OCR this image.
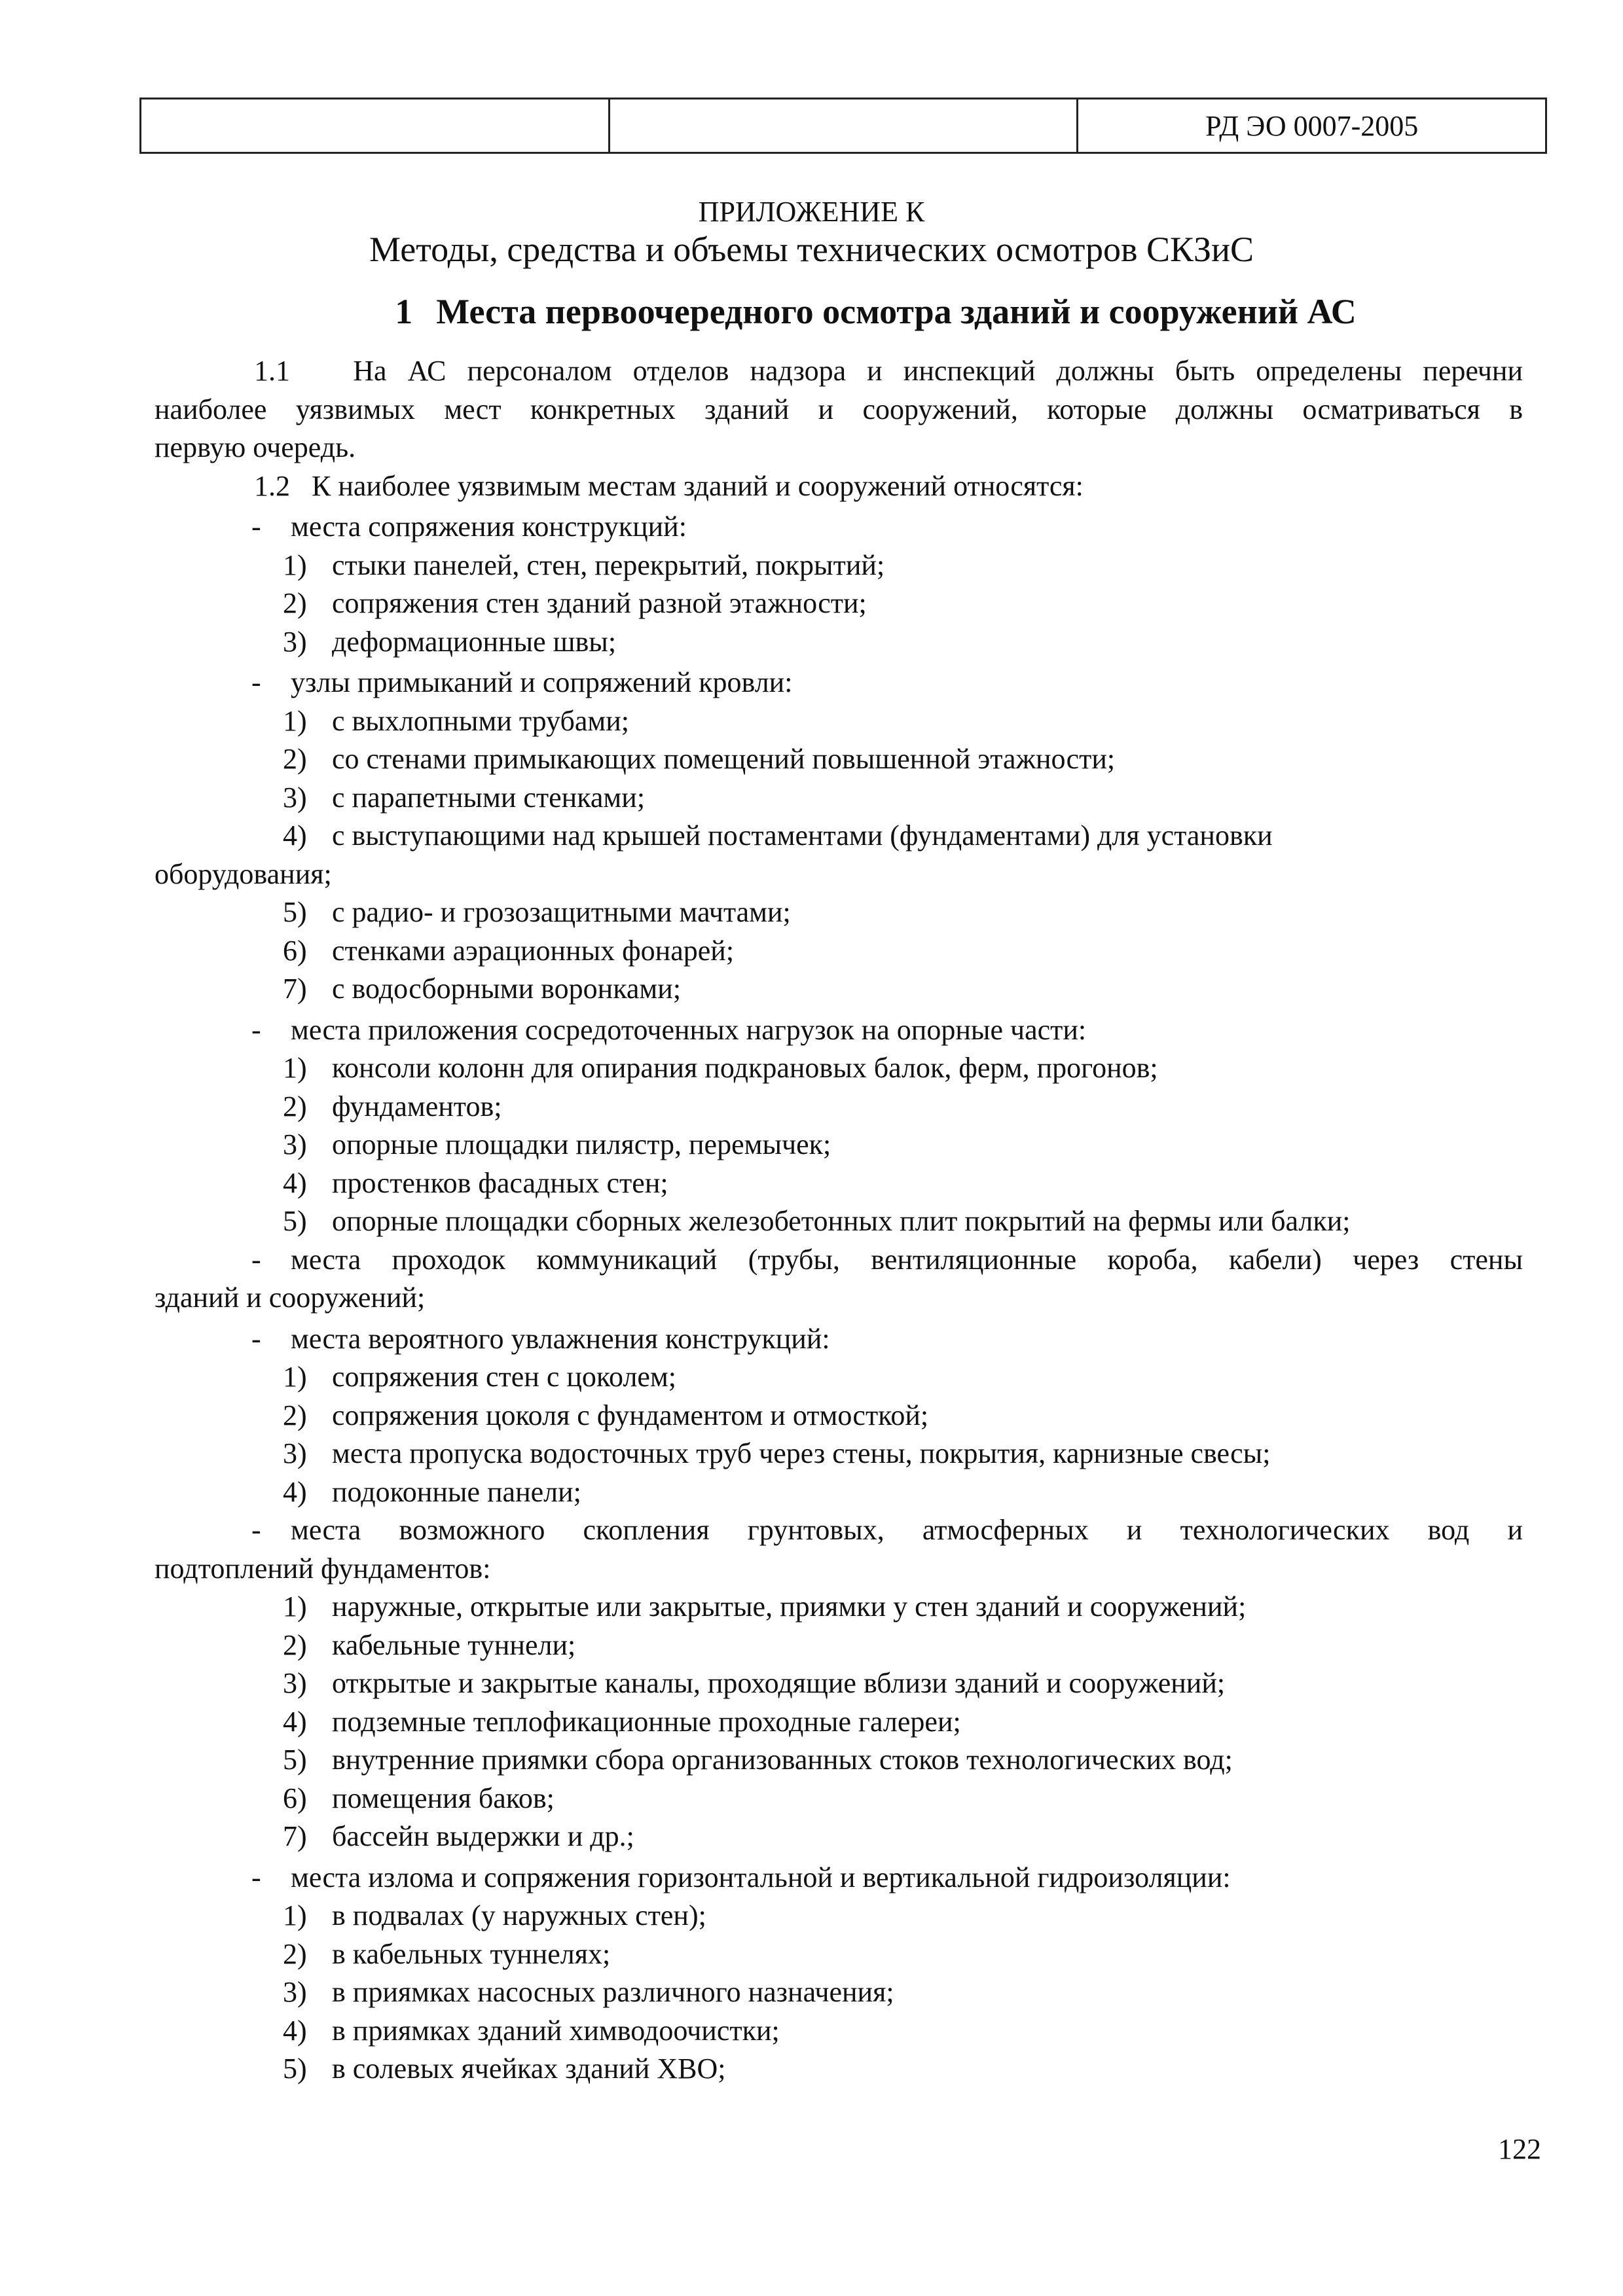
РД ЭО 0007-2005
ПРИЛОЖЕНИЕ К
Методы, средства и объемы технических осмотров СКЗиС
1 Места первоочередного осмотра зданий и сооружений АС
1.1 На АС персоналом отделов надзора и инспекций должны быть определены перечни
наиболее уязвимых мест конкретных зданий и сооружений, которые должны осматриваться в
первую очередь.
1.2 К наиболее уязвимым местам зданий и сооружений относятся:
- места сопряжения конструкций:
1) стыки панелей, стен, перекрытий, покрытий;
2) сопряжения стен зданий разной этажности;
3) деформационные швы;
- узлы примыканий и сопряжений кровли:
1) с выхлопными трубами;
2) со стенами примыкающих помещений повышенной этажности;
3) с парапетными стенками;
4) с выступающими над крышей постаментами (фундаментами) для установки
оборудования;
5) с радио- и грозозащитными мачтами;
6) стенками аэрационных фонарей;
7) с водосборными воронками;
- места приложения сосредоточенных нагрузок на опорные части:
1) консоли колонн для опирания подкрановых балок, ферм, прогонов;
2) фундаментов;
3) опорные площадки пилястр, перемычек;
4) простенков фасадных стен;
5) опорные площадки сборных железобетонных плит покрытий на фермы или балки;
- места проходок коммуникаций (трубы, вентиляционные короба, кабели) через стены
зданий и сооружений;
- места вероятного увлажнения конструкций:
1) сопряжения стен с цоколем;
2) сопряжения цоколя с фундаментом и отмосткой;
3) места пропуска водосточных труб через стены, покрытия, карнизные свесы;
4) подоконные панели;
- места возможного скопления грунтовых, атмосферных и технологических вод и
подтоплений фундаментов:
1) наружные, открытые или закрытые, приямки у стен зданий и сооружений;
2) кабельные туннели;
3) открытые и закрытые каналы, проходящие вблизи зданий и сооружений;
4) подземные теплофикационные проходные галереи;
5) внутренние приямки сбора организованных стоков технологических вод;
6) помещения баков;
7) бассейн выдержки и др.;
- места излома и сопряжения горизонтальной и вертикальной гидроизоляции:
1) в подвалах (у наружных стен);
2) в кабельных туннелях;
3) в приямках насосных различного назначения;
4) в приямках зданий химводоочистки;
5) в солевых ячейках зданий ХВО;
122
